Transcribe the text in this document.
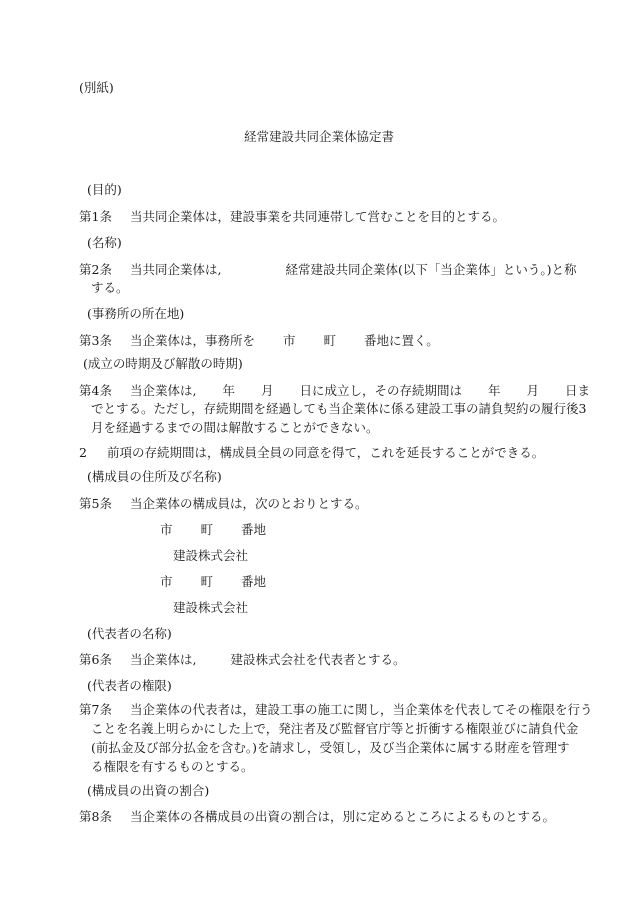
(別紙)
経常建設共同企業体協定書
(目的)
第1条 当共同企業体は，建設事業を共同連帯して営むことを目的とする。
(名称)
第2条 当共同企業体は,	経常建設共同企業体(以下「当企業体」という。)と称
する。
(事務所の所在地)
第3条 当企業体は，事務所を 市 町 番地に置く。
(成立の時期及び解散の時期)
第4条 当企業体は, 年 月 日に成立し，その存続期間は 年 月 日ま
でとする。ただし，存続期間を経過しても当企業体に係る建設工事の請負契約の履行後3
月を経過するまでの間は解散することができない。
2 前項の存続期間は，構成員全員の同意を得て，これを延長することができる。
(構成員の住所及び名称)
第5条 当企業体の構成員は，次のとおりとする。
市 町 番地
建設株式会社
市 町 番地
建設株式会社
(代表者の名称)
第6条 当企業体は,	建設株式会社を代表者とする。
(代表者の権限)
第7条 当企業体の代表者は，建設工事の施工に関し，当企業体を代表してその権限を行う
ことを名義上明らかにした上で，発注者及び監督官庁等と折衝する権限並びに請負代金
(前払金及び部分払金を含む。)を請求し，受領し，及び当企業体に属する財産を管理す
る権限を有するものとする。
(構成員の出資の割合)
第8条 当企業体の各構成員の出資の割合は，別に定めるところによるものとする。
